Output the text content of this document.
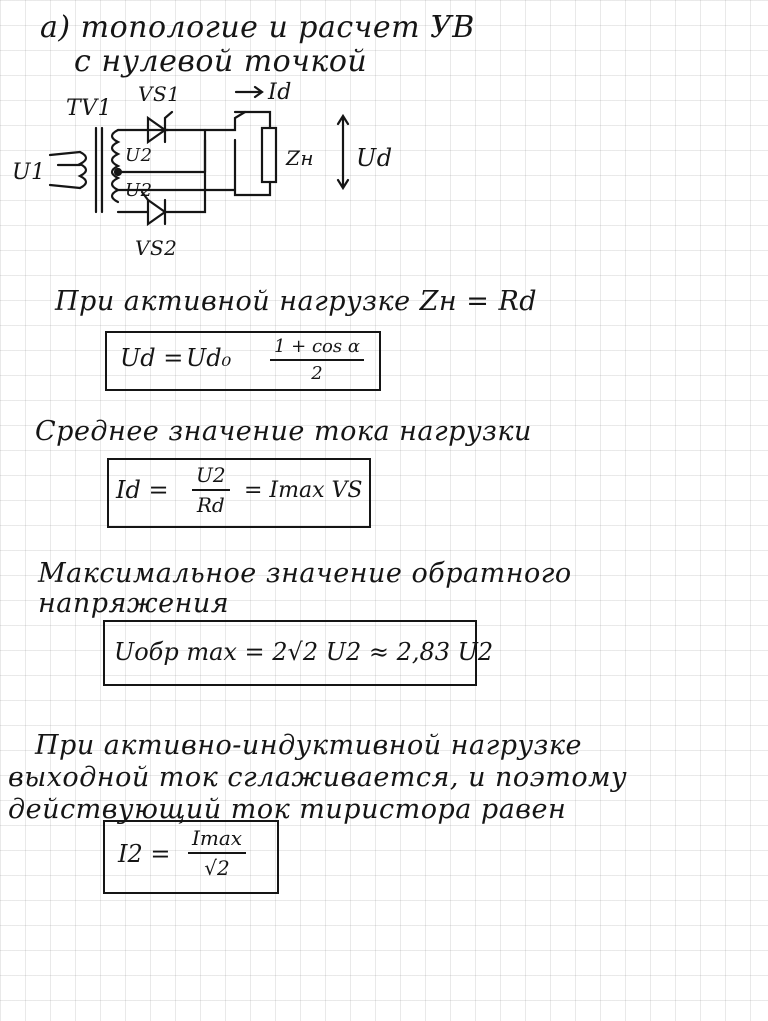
а) топологие и расчет УВ
с нулевой точкой
TV1
U1
VS1
U2
U2
VS2
Id
Zн Ud
При активной нагрузке Zн = Rd
$Ud = Ud_0 \frac{\text{1 + cos α}}{2}$
Среднее значение тока нагрузки
$Id = \frac{U2}{Rd} = Imax$ VS
Максимальное значение обратного
напряжения
Uобр max = 2√2 U2 ≈ 2,83 U2
При активно-индуктивной нагрузке
выходной ток сглаживается, и поэтому
действующий ток тиристора равен
I2 =
Imax
√2
